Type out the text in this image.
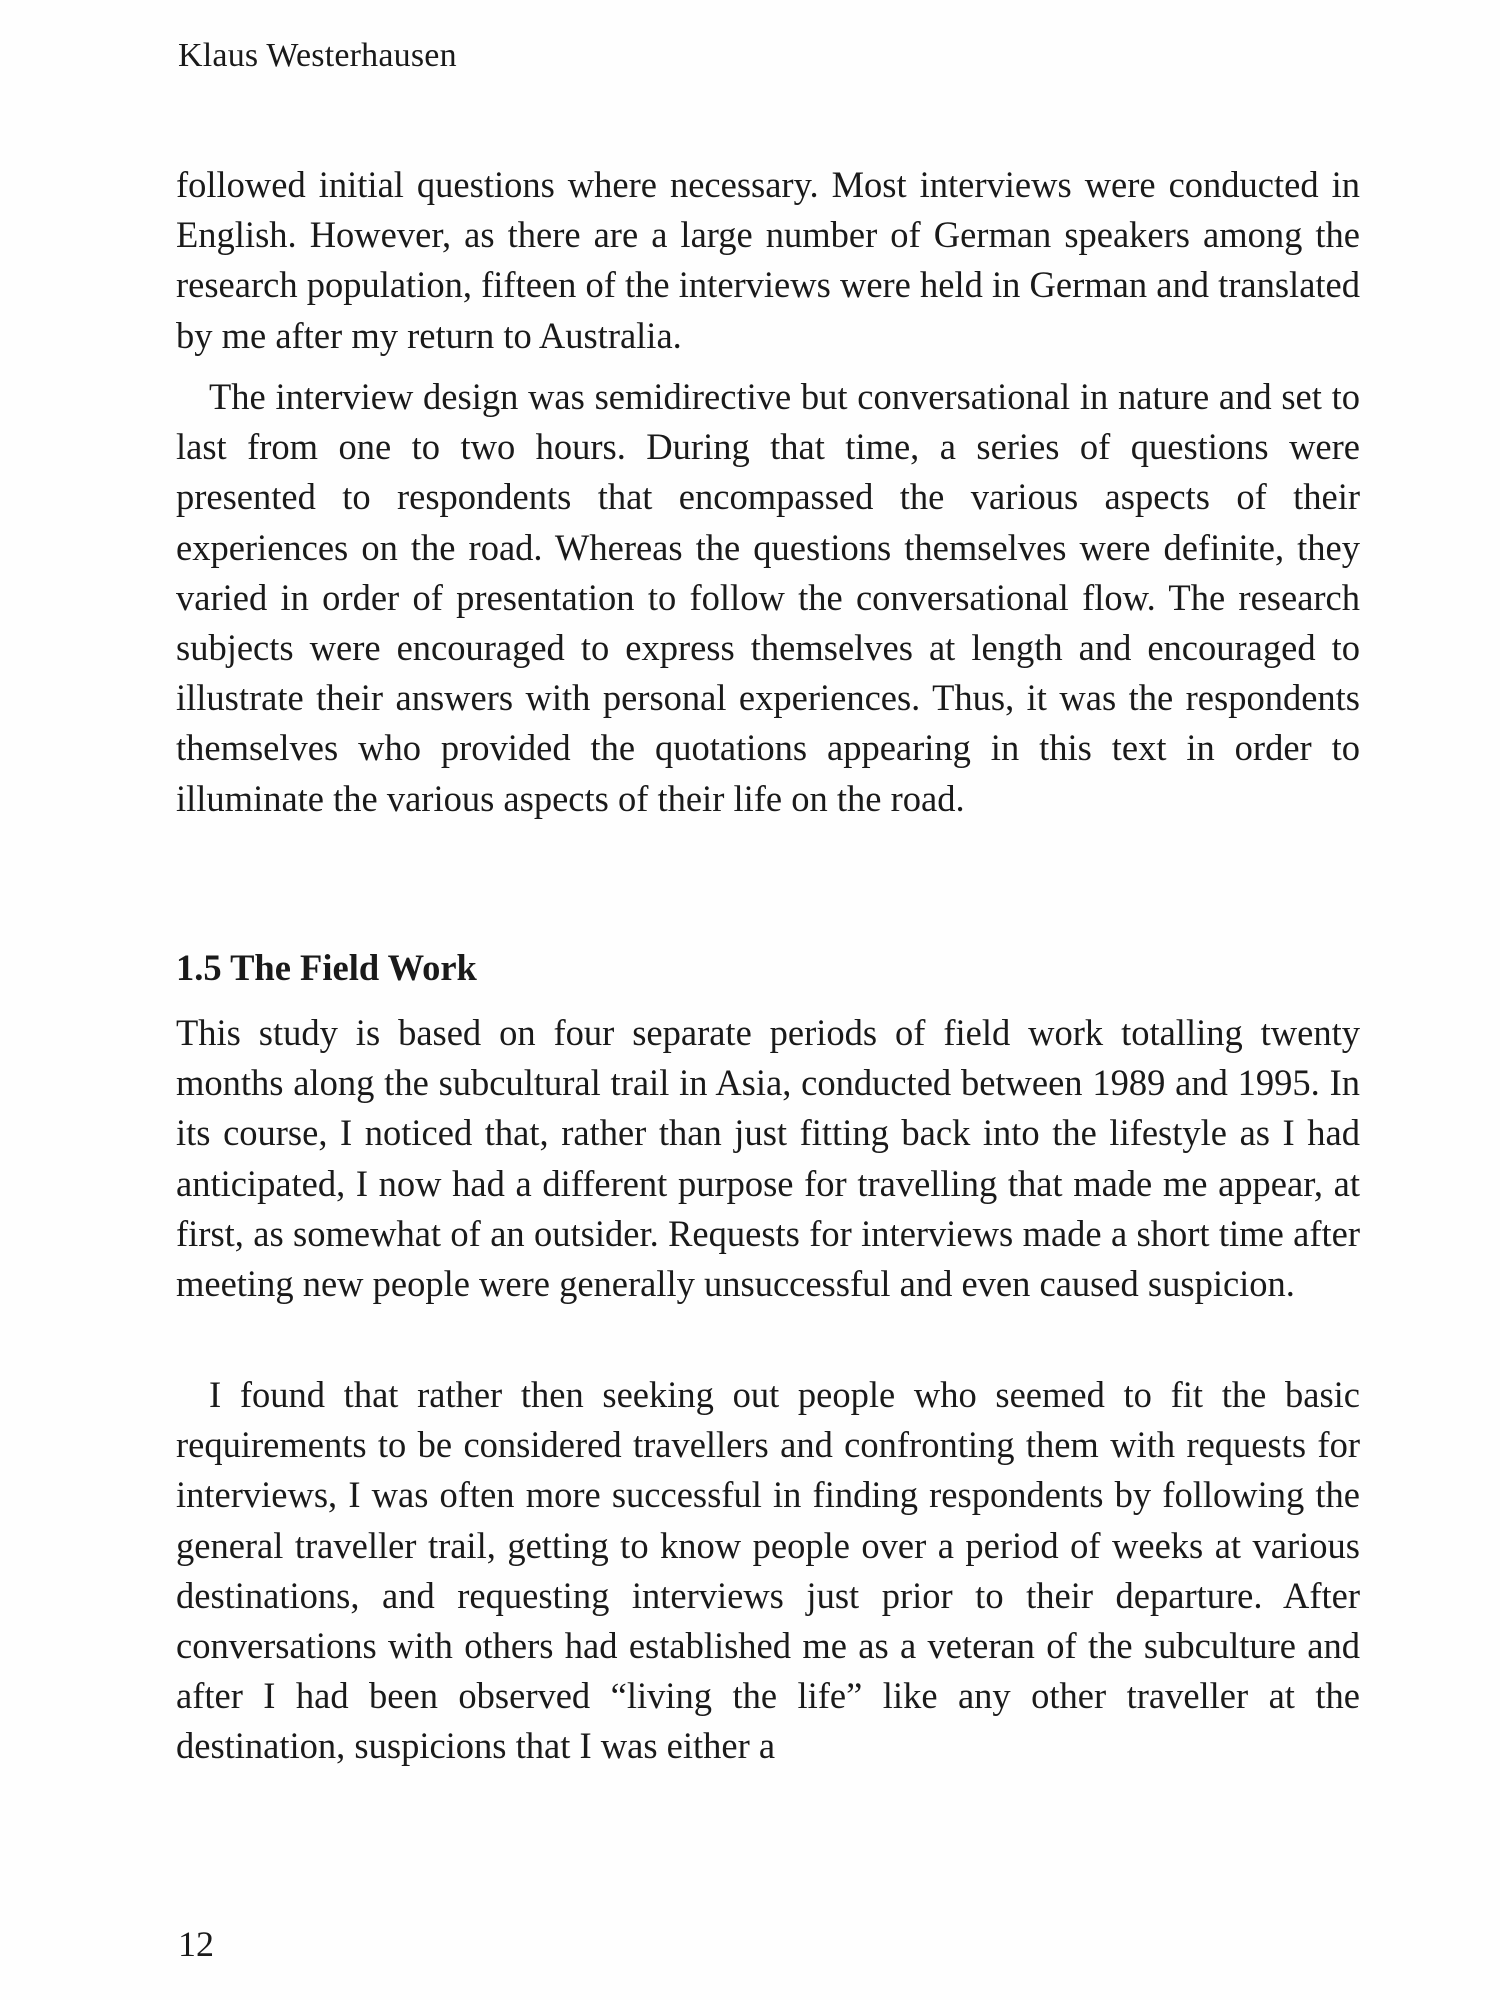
Klaus Westerhausen

followed initial questions where necessary. Most interviews were conducted in English. However, as there are a large number of German speakers among the research population, fifteen of the interviews were held in German and translated by me after my return to Australia.

The interview design was semidirective but conversational in nature and set to last from one to two hours. During that time, a series of questions were presented to respondents that encompassed the various aspects of their experiences on the road. Whereas the questions themselves were definite, they varied in order of presentation to follow the conversational flow. The research subjects were encouraged to express themselves at length and encouraged to illustrate their answers with personal experiences. Thus, it was the respondents themselves who provided the quotations appearing in this text in order to illuminate the various aspects of their life on the road.

1.5 The Field Work

This study is based on four separate periods of field work totalling twenty months along the subcultural trail in Asia, conducted between 1989 and 1995. In its course, I noticed that, rather than just fitting back into the lifestyle as I had anticipated, I now had a different purpose for travelling that made me appear, at first, as somewhat of an outsider. Requests for interviews made a short time after meeting new people were generally unsuccessful and even caused suspicion.

I found that rather then seeking out people who seemed to fit the basic requirements to be considered travellers and confronting them with requests for interviews, I was often more successful in finding respondents by following the general traveller trail, getting to know people over a period of weeks at various destinations, and requesting interviews just prior to their departure. After conversations with others had established me as a veteran of the subculture and after I had been observed “living the life” like any other traveller at the destination, suspicions that I was either a

12
